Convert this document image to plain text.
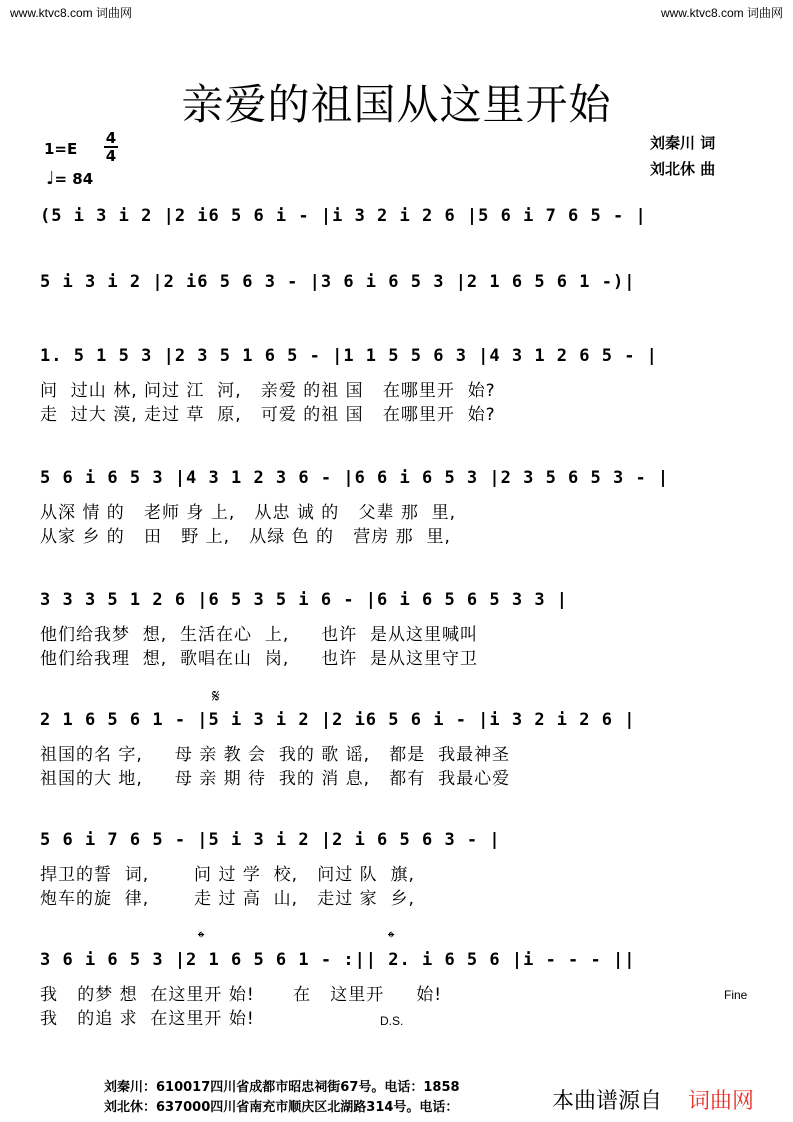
www.ktvc8.com 词曲网	www.ktvc8.com 词曲网
亲爱的祖国从这里开始
1=E
4
4
♩= 84
刘秦川 词
刘北休 曲
(5 i 3 i 2 |2 i6 5 6 i - |i 3 2 i 2 6 |5 6 i 7 6 5 - |
5 i 3 i 2 |2 i6 5 6 3 - |3 6 i 6 5 3 |2 1 6 5 6 1 -)|
1. 5 1 5 3 |2 3 5 1 6 5 - |1 1 5 5 6 3 |4 3 1 2 6 5 - |
问  过山 林, 问过 江  河,   亲爱 的祖 国   在哪里开  始?
走  过大 漠, 走过 草  原,   可爱 的祖 国   在哪里开  始?
5 6 i 6 5 3 |4 3 1 2 3 6 - |6 6 i 6 5 3 |2 3 5 6 5 3 - |
从深 情 的   老师 身 上,   从忠 诚 的   父辈 那  里,
从家 乡 的   田   野 上,   从绿 色 的   营房 那  里,
3 3 3 5 1 2 6 |6 5 3 5 i 6 - |6 i 6 5 6 5 3 3 |
他们给我梦  想,  生活在心  上,     也许  是从这里喊叫
他们给我理  想,  歌唱在山  岗,     也许  是从这里守卫
𝄋
2 1 6 5 6 1 - |5 i 3 i 2 |2 i6 5 6 i - |i 3 2 i 2 6 |
祖国的名 字,     母 亲 教 会  我的 歌 谣,   都是  我最神圣
祖国的大 地,     母 亲 期 待  我的 消 息,   都有  我最心爱
5 6 i 7 6 5 - |5 i 3 i 2 |2 i 6 5 6 3 - |
捍卫的誓  词,       问 过 学  校,   问过 队  旗,
炮车的旋  律,       走 过 高  山,   走过 家  乡,
𝄌	𝄌
3 6 i 6 5 3 |2 1 6 5 6 1 - :|| 2. i 6 5 6 |i - - - ||
我   的梦 想  在这里开 始!      在   这里开     始!
我   的追 求  在这里开 始!
Fine
D.S.
刘秦川：610017四川省成都市昭忠祠街67号。电话：1858
刘北休：637000四川省南充市顺庆区北湖路314号。电话：	本曲谱源自 词曲网
